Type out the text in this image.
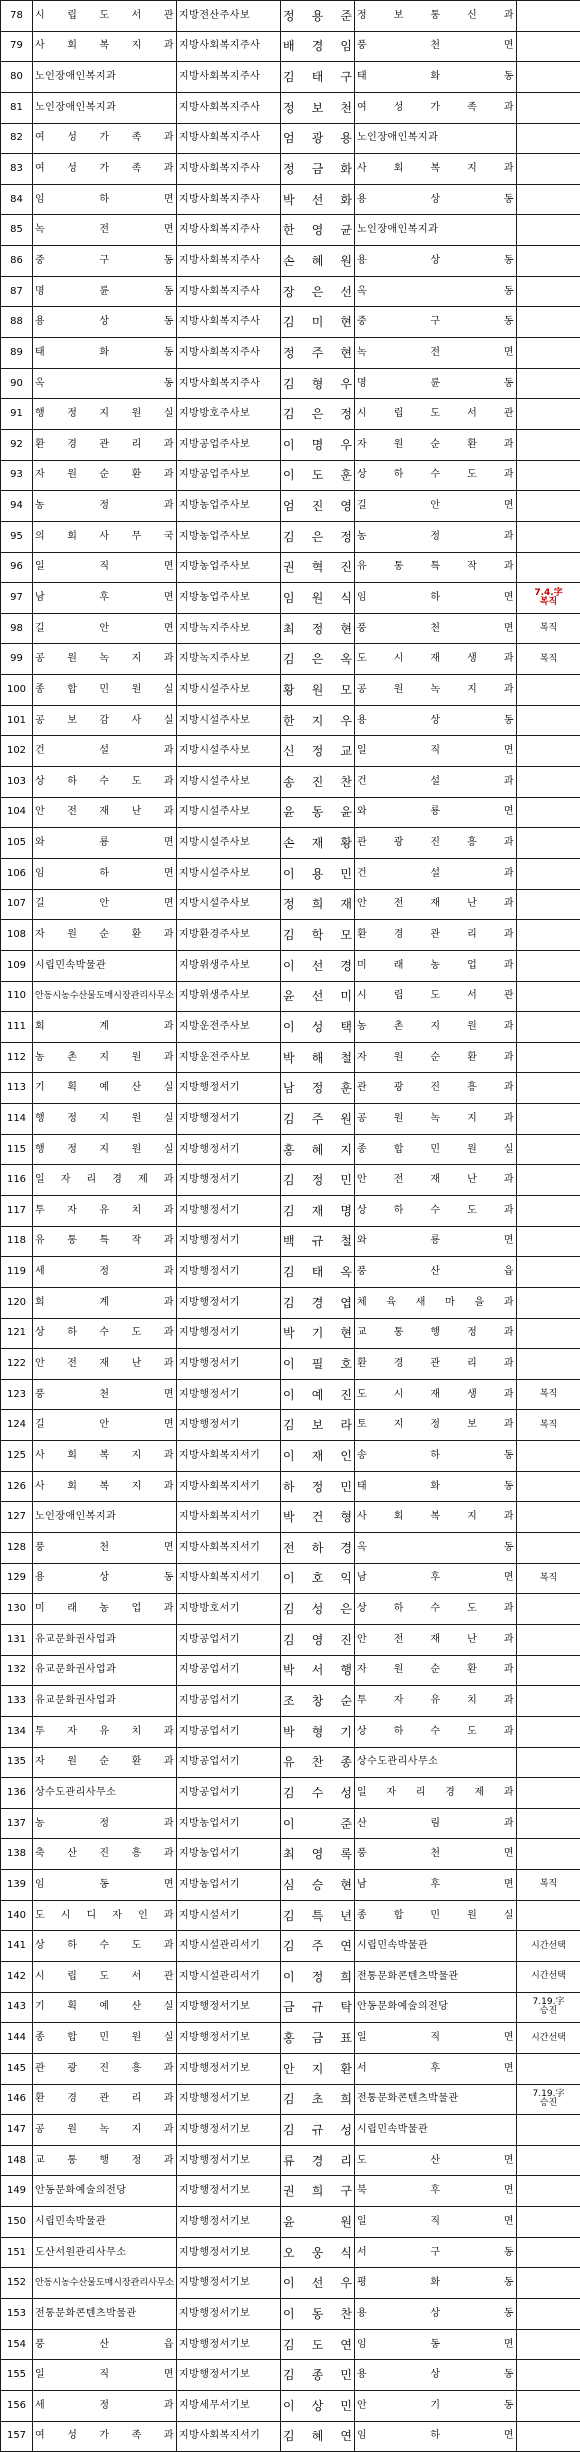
78	시 립 도 서 관	지방전산주사보	정 용 준	정 보 통 신 과	
79	사 회 복 지 과	지방사회복지주사	배 경 임	풍 천 면	
80	노인장애인복지과	지방사회복지주사	김 태 구	태 화 동	
81	노인장애인복지과	지방사회복지주사	정 보 천	여 성 가 족 과	
82	여 성 가 족 과	지방사회복지주사	엄 광 용	노인장애인복지과	
83	여 성 가 족 과	지방사회복지주사	정 금 화	사 회 복 지 과	
84	임 하 면	지방사회복지주사	박 선 화	용 상 동	
85	녹 전 면	지방사회복지주사	한 영 균	노인장애인복지과	
86	중 구 동	지방사회복지주사	손 혜 원	용 상 동	
87	명 륜 동	지방사회복지주사	장 은 선	옥 동	
88	용 상 동	지방사회복지주사	김 미 현	중 구 동	
89	태 화 동	지방사회복지주사	정 주 현	녹 전 면	
90	옥 동	지방사회복지주사	김 형 우	명 륜 동	
91	행 정 지 원 실	지방방호주사보	김 은 정	시 립 도 서 관	
92	환 경 관 리 과	지방공업주사보	이 명 우	자 원 순 환 과	
93	자 원 순 환 과	지방공업주사보	이 도 훈	상 하 수 도 과	
94	농 정 과	지방농업주사보	엄 진 영	길 안 면	
95	의 회 사 무 국	지방농업주사보	김 은 정	농 정 과	
96	일 직 면	지방농업주사보	권 혁 진	유 통 특 작 과	
97	남 후 면	지방농업주사보	임 원 식	임 하 면	7.4.字
복직
98	길 안 면	지방녹지주사보	최 정 현	풍 천 면	복직
99	공 원 녹 지 과	지방녹지주사보	김 은 옥	도 시 재 생 과	복직
100	종 합 민 원 실	지방시설주사보	황 원 모	공 원 녹 지 과	
101	공 보 감 사 실	지방시설주사보	한 지 우	용 상 동	
102	건 설 과	지방시설주사보	신 정 교	일 직 면	
103	상 하 수 도 과	지방시설주사보	송 진 찬	건 설 과	
104	안 전 재 난 과	지방시설주사보	윤 동 윤	와 룡 면	
105	와 룡 면	지방시설주사보	손 재 황	관 광 진 흥 과	
106	임 하 면	지방시설주사보	이 용 민	건 설 과	
107	길 안 면	지방시설주사보	정 희 재	안 전 재 난 과	
108	자 원 순 환 과	지방환경주사보	김 학 모	환 경 관 리 과	
109	시립민속박물관	지방위생주사보	이 선 경	미 래 농 업 과	
110	안동시농수산물도매시장관리사무소	지방위생주사보	윤 선 미	시 립 도 서 관	
111	회 계 과	지방운전주사보	이 성 택	농 촌 지 원 과	
112	농 촌 지 원 과	지방운전주사보	박 해 철	자 원 순 환 과	
113	기 획 예 산 실	지방행정서기	남 정 훈	관 광 진 흥 과	
114	행 정 지 원 실	지방행정서기	김 주 원	공 원 녹 지 과	
115	행 정 지 원 실	지방행정서기	홍 혜 지	종 합 민 원 실	
116	일 자 리 경 제 과	지방행정서기	김 정 민	안 전 재 난 과	
117	투 자 유 치 과	지방행정서기	김 재 명	상 하 수 도 과	
118	유 통 특 작 과	지방행정서기	백 규 철	와 룡 면	
119	세 정 과	지방행정서기	김 태 옥	풍 산 읍	
120	회 계 과	지방행정서기	김 경 엽	체 육 새 마 을 과	
121	상 하 수 도 과	지방행정서기	박 기 현	교 통 행 정 과	
122	안 전 재 난 과	지방행정서기	이 필 호	환 경 관 리 과	
123	풍 천 면	지방행정서기	이 예 진	도 시 재 생 과	복직
124	길 안 면	지방행정서기	김 보 라	토 지 정 보 과	복직
125	사 회 복 지 과	지방사회복지서기	이 재 인	송 하 동	
126	사 회 복 지 과	지방사회복지서기	하 정 민	태 화 동	
127	노인장애인복지과	지방사회복지서기	박 건 형	사 회 복 지 과	
128	풍 천 면	지방사회복지서기	전 하 경	옥 동	
129	용 상 동	지방사회복지서기	이 호 익	남 후 면	복직
130	미 래 농 업 과	지방방호서기	김 성 은	상 하 수 도 과	
131	유교문화권사업과	지방공업서기	김 영 진	안 전 재 난 과	
132	유교문화권사업과	지방공업서기	박 서 행	자 원 순 환 과	
133	유교문화권사업과	지방공업서기	조 창 순	투 자 유 치 과	
134	투 자 유 치 과	지방공업서기	박 형 기	상 하 수 도 과	
135	자 원 순 환 과	지방공업서기	유 찬 종	상수도관리사무소	
136	상수도관리사무소	지방공업서기	김 수 성	일 자 리 경 제 과	
137	농 정 과	지방농업서기	이 준	산 림 과	
138	축 산 진 흥 과	지방농업서기	최 영 록	풍 천 면	
139	임 동 면	지방농업서기	심 승 현	남 후 면	복직
140	도 시 디 자 인 과	지방시설서기	김 특 년	종 합 민 원 실	
141	상 하 수 도 과	지방시설관리서기	김 주 연	시립민속박물관	시간선택
142	시 립 도 서 관	지방시설관리서기	이 정 희	전통문화콘텐츠박물관	시간선택
143	기 획 예 산 실	지방행정서기보	금 규 탁	안동문화예술의전당	7.19.字
승진
144	종 합 민 원 실	지방행정서기보	홍 금 표	일 직 면	시간선택
145	관 광 진 흥 과	지방행정서기보	안 지 환	서 후 면	
146	환 경 관 리 과	지방행정서기보	김 초 희	전통문화콘텐츠박물관	7.19.字
승진
147	공 원 녹 지 과	지방행정서기보	김 규 성	시립민속박물관	
148	교 통 행 정 과	지방행정서기보	류 경 리	도 산 면	
149	안동문화예술의전당	지방행정서기보	권 희 구	북 후 면	
150	시립민속박물관	지방행정서기보	윤 원	일 직 면	
151	도산서원관리사무소	지방행정서기보	오 웅 식	서 구 동	
152	안동시농수산물도매시장관리사무소	지방행정서기보	이 선 우	평 화 동	
153	전통문화콘텐츠박물관	지방행정서기보	이 동 찬	용 상 동	
154	풍 산 읍	지방행정서기보	김 도 연	임 동 면	
155	일 직 면	지방행정서기보	김 종 민	용 상 동	
156	세 정 과	지방세무서기보	이 상 민	안 기 동	
157	여 성 가 족 과	지방사회복지서기	김 혜 연	임 하 면	
